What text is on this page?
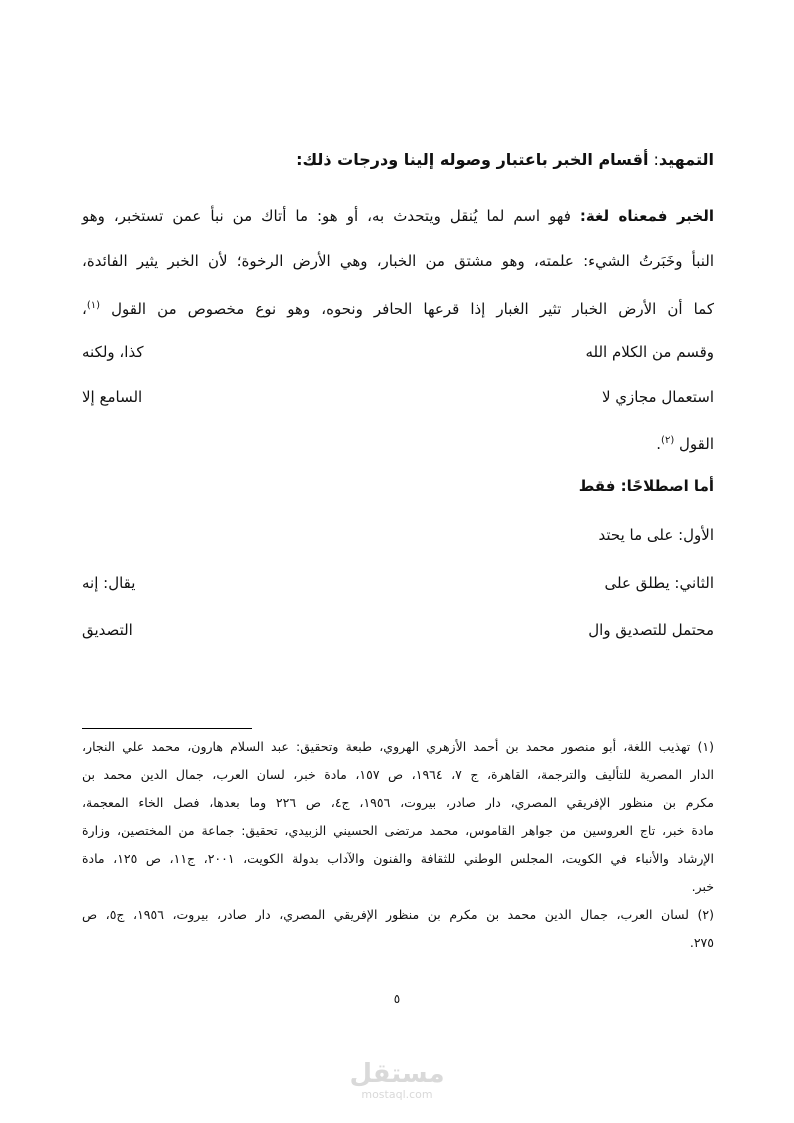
التمهيد: أقسام الخبر باعتبار وصوله إلينا ودرجات ذلك:
الخبر فمعناه لغة: فهو اسم لما يُنقل ويتحدث به، أو هو: ما أتاك من نبأ عمن تستخبر، وهو
النبأ وخَبَرتُ الشيء: علمته، وهو مشتق من الخبار، وهي الأرض الرخوة؛ لأن الخبر يثير الفائدة،
كما أن الأرض الخبار تثير الغبار إذا قرعها الحافر ونحوه، وهو نوع مخصوص من القول $^{(١)}$،
وقسم من الكلام الله
كذا، ولكنه
استعمال مجازي لا
السامع إلا
القول $^{(٢)}$.
أما اصطلاحًا: فقط
الأول: على ما يحتد
الثاني: يطلق على
يقال: إنه
محتمل للتصديق وال
التصديق
(١) تهذيب اللغة، أبو منصور محمد بن أحمد الأزهري الهروي، طبعة وتحقيق: عبد السلام هارون، محمد علي النجار،
الدار المصرية للتأليف والترجمة، القاهرة، ج ٧، ١٩٦٤، ص ١٥٧، مادة خبر، لسان العرب، جمال الدين محمد بن
مكرم بن منظور الإفريقي المصري، دار صادر، بيروت، ١٩٥٦، ج٤، ص ٢٢٦ وما بعدها، فصل الخاء المعجمة،
مادة خبر، تاج العروسين من جواهر القاموس، محمد مرتضى الحسيني الزبيدي، تحقيق: جماعة من المختصين، وزارة
الإرشاد والأنباء في الكويت، المجلس الوطني للثقافة والفنون والآداب بدولة الكويت، ٢٠٠١، ج١١، ص ١٢٥، مادة
خبر.
(٢) لسان العرب، جمال الدين محمد بن مكرم بن منظور الإفريقي المصري، دار صادر، بيروت، ١٩٥٦، ج٥، ص
٢٧٥.
٥
مستقل
mostaql.com
